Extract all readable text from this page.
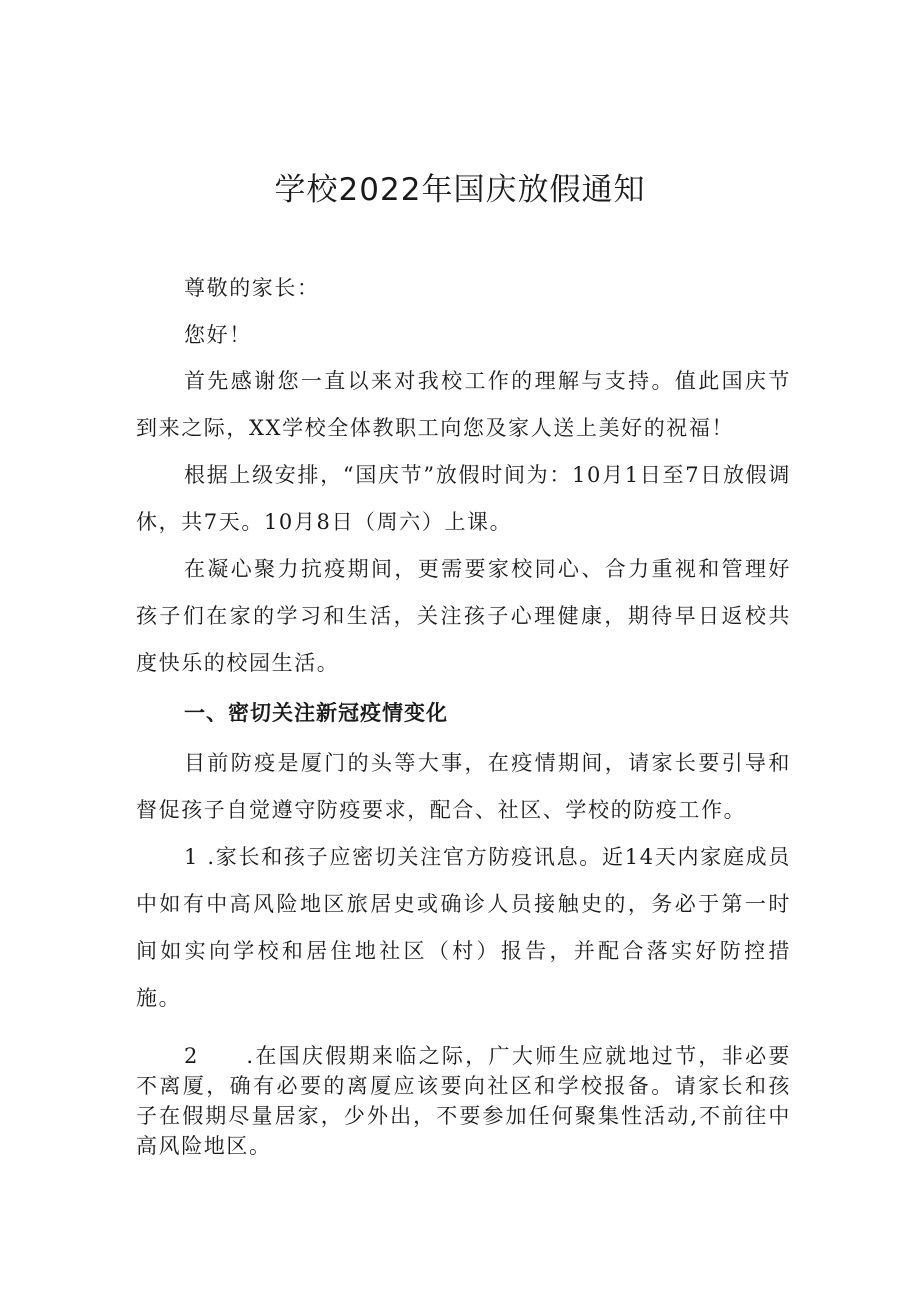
学校2022年国庆放假通知

尊敬的家长：

您好！

首先感谢您一直以来对我校工作的理解与支持。值此国庆节到来之际，XX学校全体教职工向您及家人送上美好的祝福！

根据上级安排，“国庆节”放假时间为：10月1日至7日放假调休，共7天。10月8日（周六）上课。

在凝心聚力抗疫期间，更需要家校同心、合力重视和管理好孩子们在家的学习和生活，关注孩子心理健康，期待早日返校共度快乐的校园生活。

一、密切关注新冠疫情变化

目前防疫是厦门的头等大事，在疫情期间，请家长要引导和督促孩子自觉遵守防疫要求，配合、社区、学校的防疫工作。

1 .家长和孩子应密切关注官方防疫讯息。近14天内家庭成员中如有中高风险地区旅居史或确诊人员接触史的，务必于第一时间如实向学校和居住地社区（村）报告，并配合落实好防控措施。

2　　.在国庆假期来临之际，广大师生应就地过节，非必要不离厦，确有必要的离厦应该要向社区和学校报备。请家长和孩子在假期尽量居家，少外出，不要参加任何聚集性活动,不前往中高风险地区。
